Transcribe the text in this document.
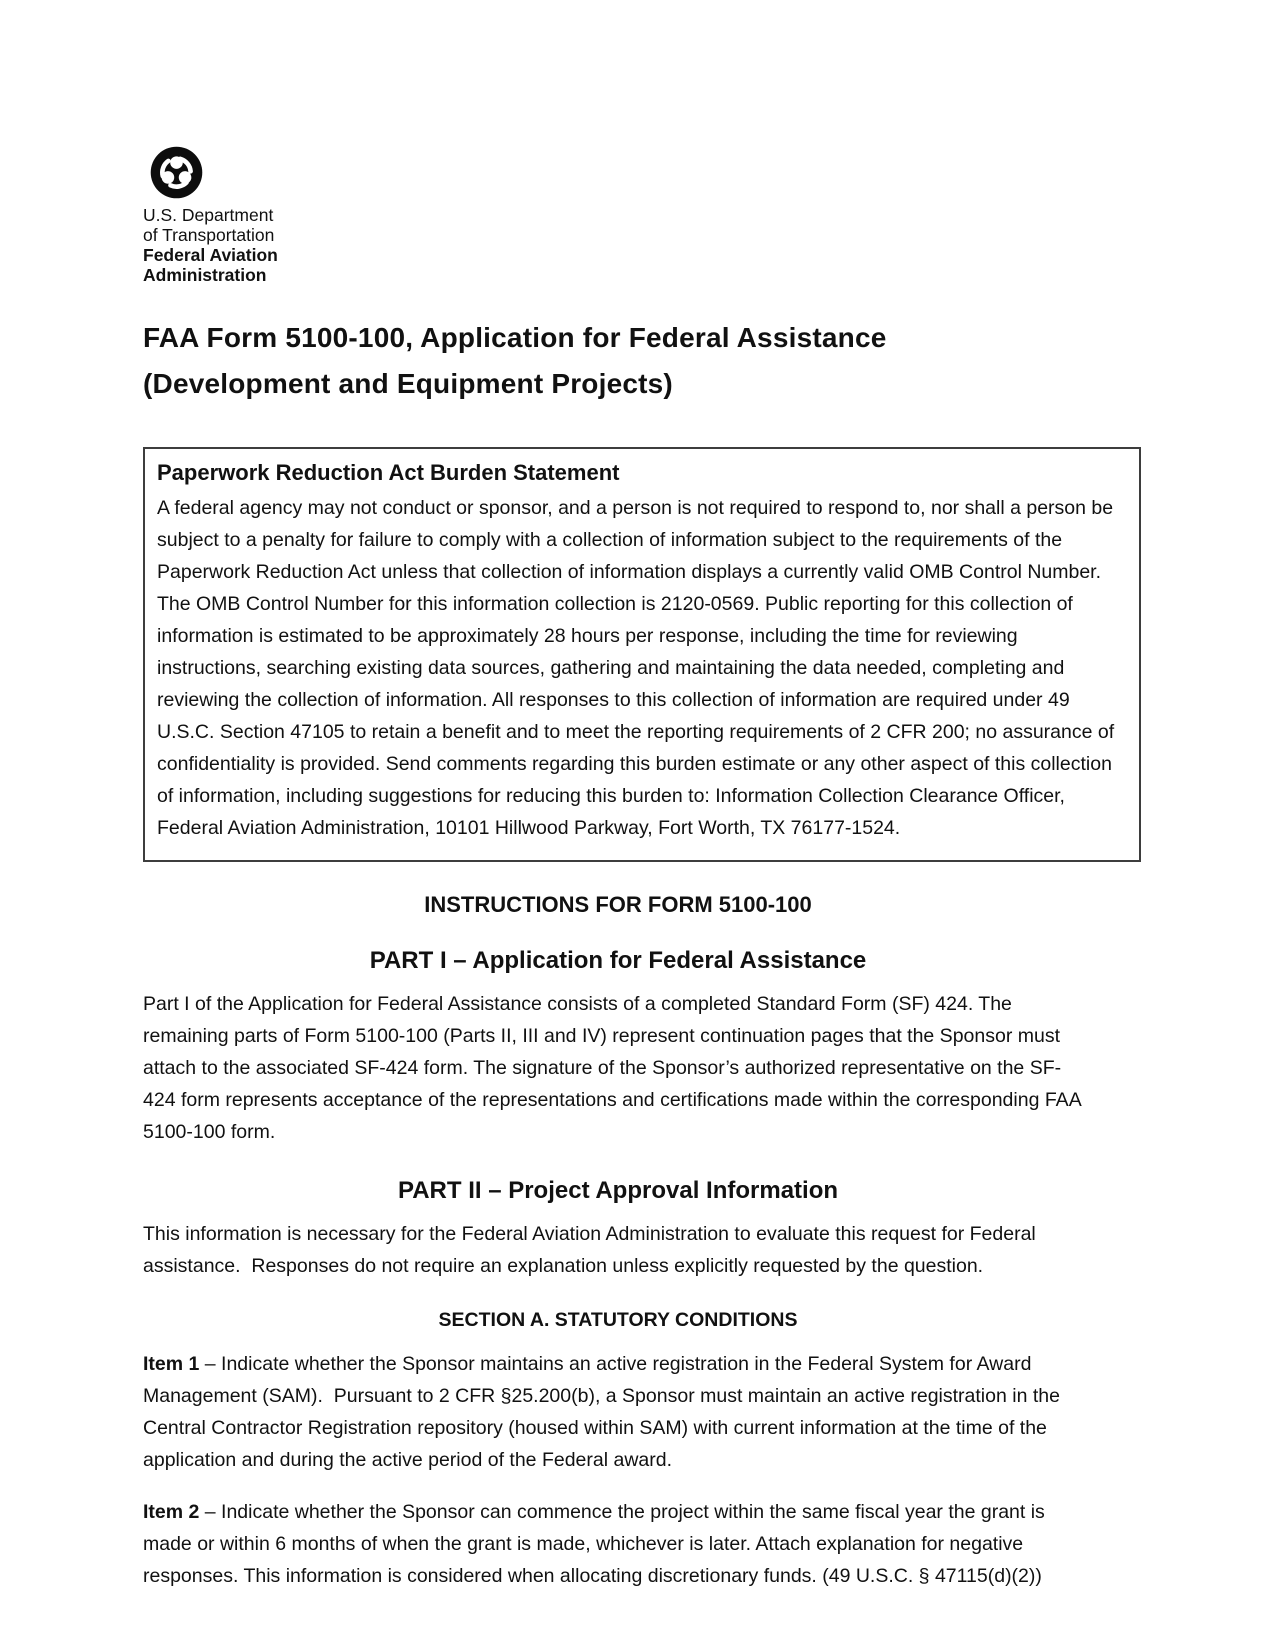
U.S. Department
of Transportation
Federal Aviation
Administration
FAA Form 5100-100, Application for Federal Assistance
(Development and Equipment Projects)
Paperwork Reduction Act Burden Statement

A federal agency may not conduct or sponsor, and a person is not required to respond to, nor shall a person be subject to a penalty for failure to comply with a collection of information subject to the requirements of the Paperwork Reduction Act unless that collection of information displays a currently valid OMB Control Number. The OMB Control Number for this information collection is 2120-0569. Public reporting for this collection of information is estimated to be approximately 28 hours per response, including the time for reviewing instructions, searching existing data sources, gathering and maintaining the data needed, completing and reviewing the collection of information. All responses to this collection of information are required under 49 U.S.C. Section 47105 to retain a benefit and to meet the reporting requirements of 2 CFR 200; no assurance of confidentiality is provided. Send comments regarding this burden estimate or any other aspect of this collection of information, including suggestions for reducing this burden to: Information Collection Clearance Officer, Federal Aviation Administration, 10101 Hillwood Parkway, Fort Worth, TX 76177-1524.

INSTRUCTIONS FOR FORM 5100-100
PART I – Application for Federal Assistance

Part I of the Application for Federal Assistance consists of a completed Standard Form (SF) 424. The remaining parts of Form 5100-100 (Parts II, III and IV) represent continuation pages that the Sponsor must attach to the associated SF-424 form. The signature of the Sponsor’s authorized representative on the SF-424 form represents acceptance of the representations and certifications made within the corresponding FAA 5100-100 form.

PART II – Project Approval Information

This information is necessary for the Federal Aviation Administration to evaluate this request for Federal assistance.  Responses do not require an explanation unless explicitly requested by the question.

SECTION A. STATUTORY CONDITIONS

Item 1 – Indicate whether the Sponsor maintains an active registration in the Federal System for Award Management (SAM).  Pursuant to 2 CFR §25.200(b), a Sponsor must maintain an active registration in the Central Contractor Registration repository (housed within SAM) with current information at the time of the application and during the active period of the Federal award.

Item 2 – Indicate whether the Sponsor can commence the project within the same fiscal year the grant is made or within 6 months of when the grant is made, whichever is later. Attach explanation for negative responses. This information is considered when allocating discretionary funds. (49 U.S.C. § 47115(d)(2))
